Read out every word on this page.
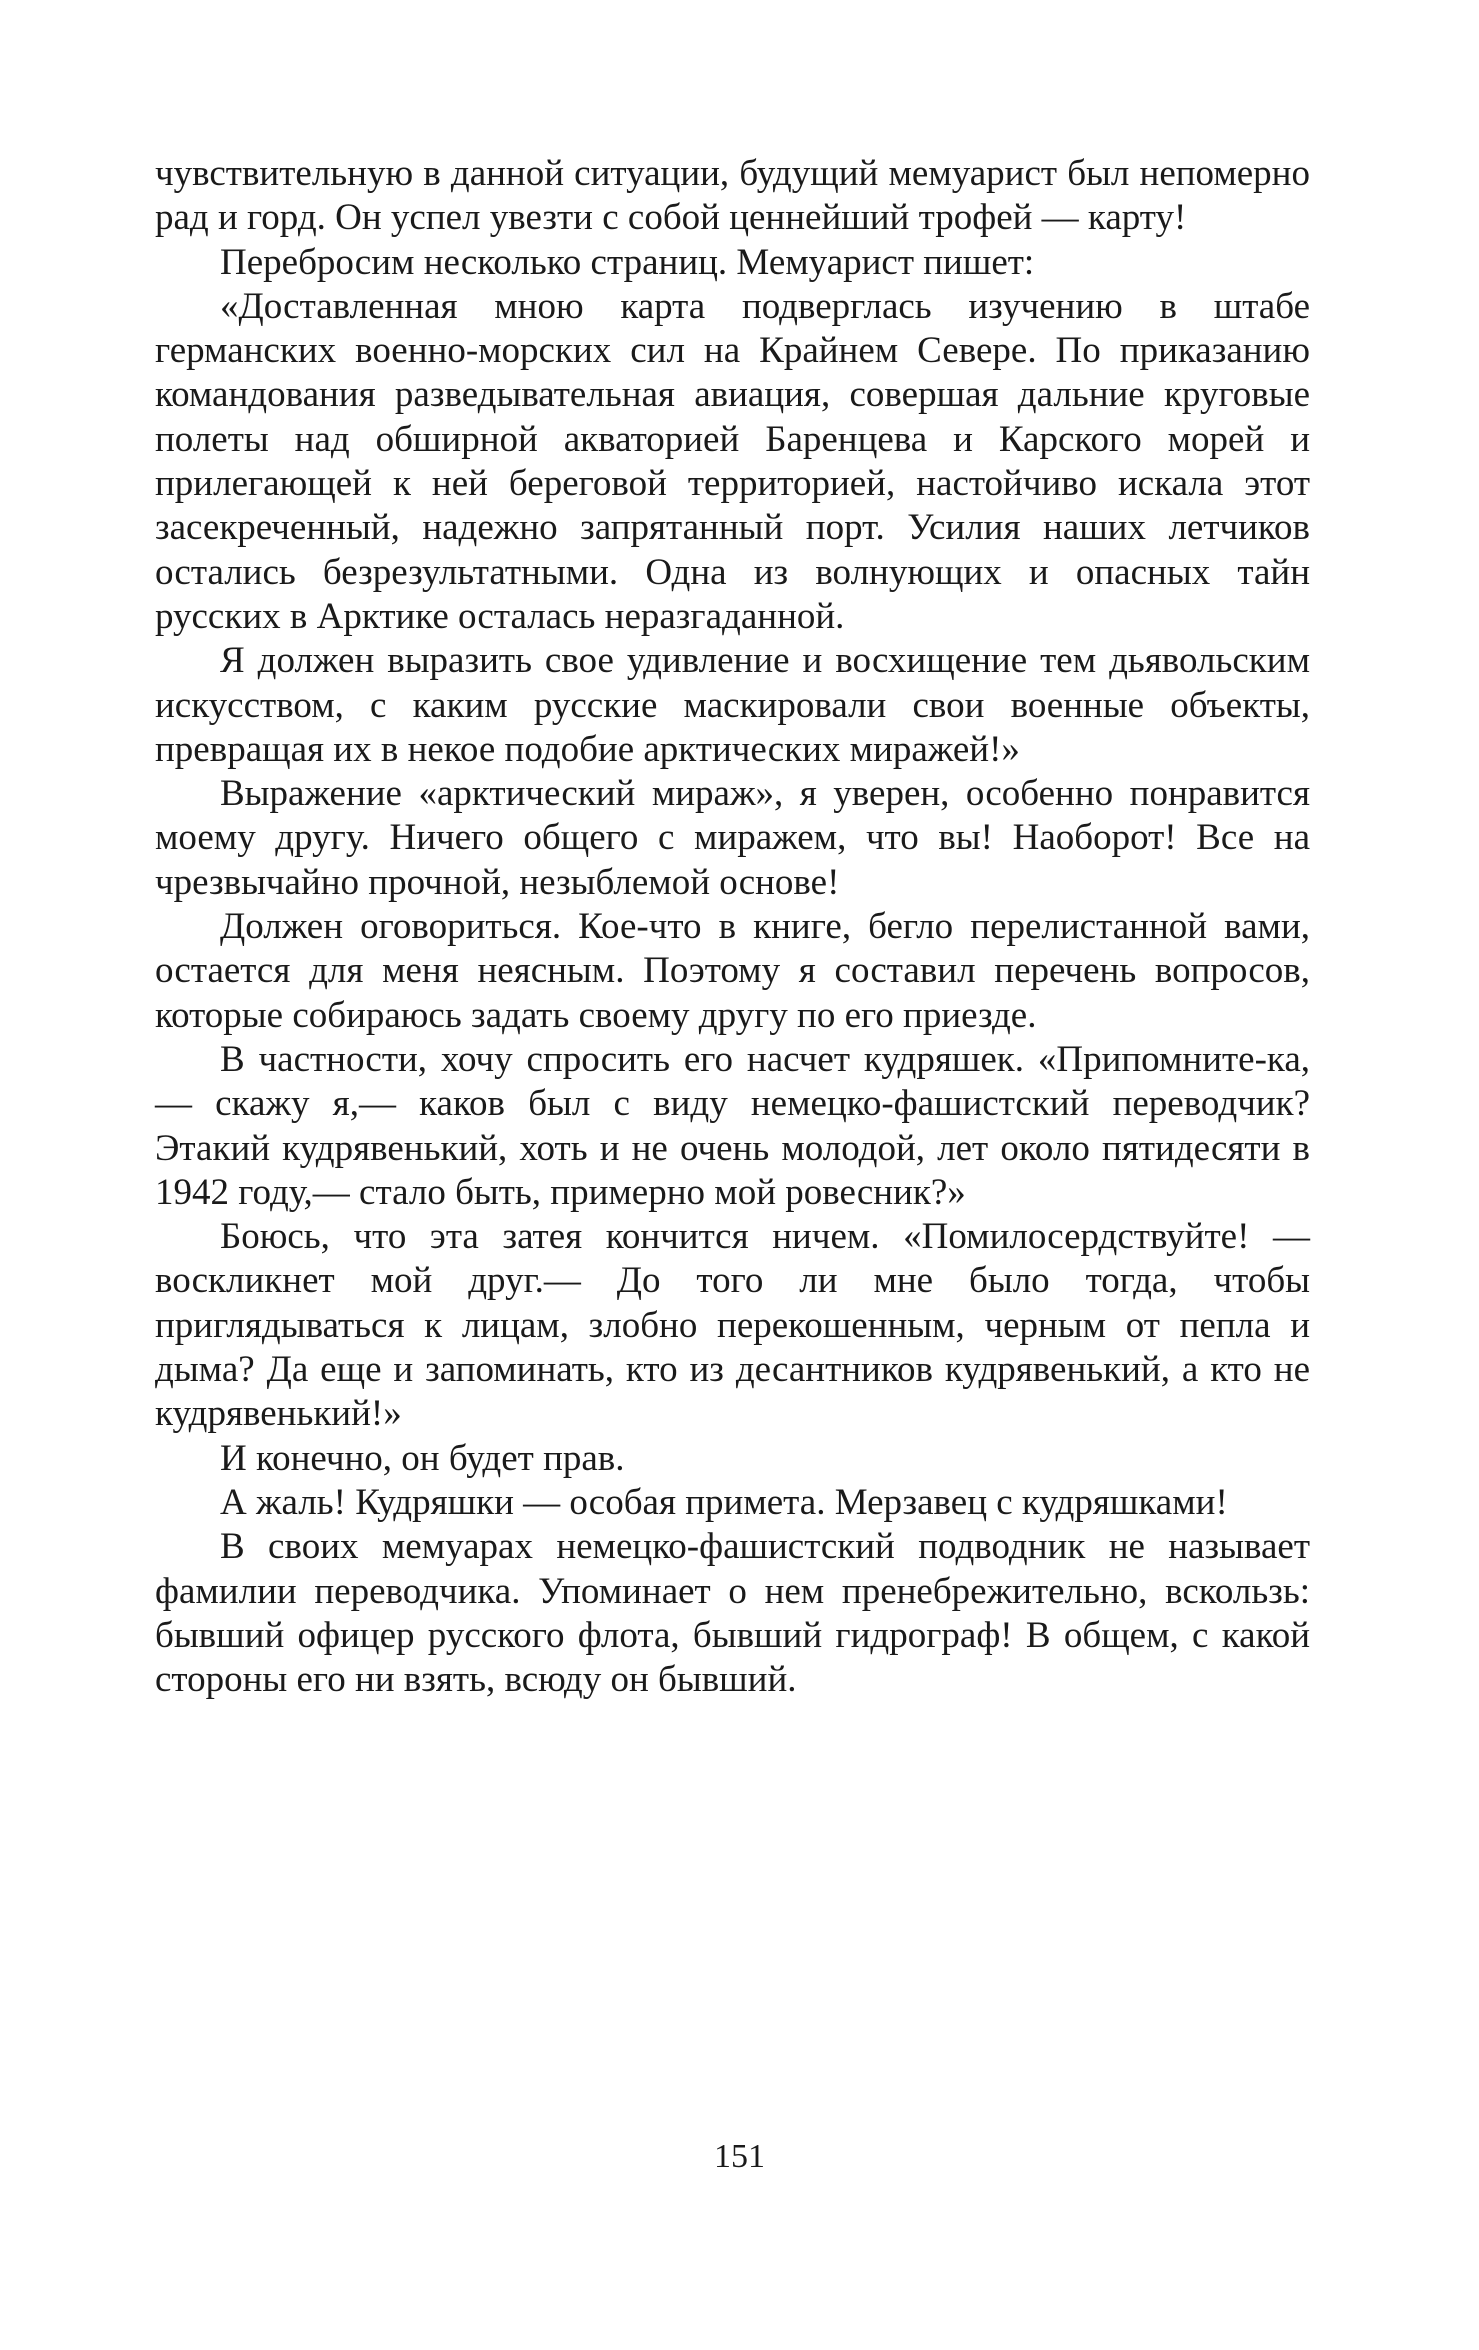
чувствительную в данной ситуации, будущий мемуарист был непомерно рад и горд. Он успел увезти с собой ценнейший трофей — карту!

Перебросим несколько страниц. Мемуарист пишет:

«Доставленная мною карта подверглась изучению в штабе германских военно-морских сил на Крайнем Севере. По приказанию командования разведывательная авиация, совершая дальние круговые полеты над обширной акваторией Баренцева и Карского морей и прилегающей к ней береговой территорией, настойчиво искала этот засекреченный, надежно запрятанный порт. Усилия наших летчиков остались безрезультатными. Одна из волнующих и опасных тайн русских в Арктике осталась неразгаданной.

Я должен выразить свое удивление и восхищение тем дьявольским искусством, с каким русские маскировали свои военные объекты, превращая их в некое подобие арктических миражей!»

Выражение «арктический мираж», я уверен, особенно понравится моему другу. Ничего общего с миражем, что вы! Наоборот! Все на чрезвычайно прочной, незыблемой основе!

Должен оговориться. Кое-что в книге, бегло перелистанной вами, остается для меня неясным. Поэтому я составил перечень вопросов, которые собираюсь задать своему другу по его приезде.

В частности, хочу спросить его насчет кудряшек. «Припомните-ка,— скажу я,— каков был с виду немецко-фашистский переводчик? Этакий кудрявенький, хоть и не очень молодой, лет около пятидесяти в 1942 году,— стало быть, примерно мой ровесник?»

Боюсь, что эта затея кончится ничем. «Помилосердствуйте! — воскликнет мой друг.— До того ли мне было тогда, чтобы приглядываться к лицам, злобно перекошенным, черным от пепла и дыма? Да еще и запоминать, кто из десантников кудрявенький, а кто не кудрявенький!»

И конечно, он будет прав.

А жаль! Кудряшки — особая примета. Мерзавец с кудряшками!

В своих мемуарах немецко-фашистский подводник не называет фамилии переводчика. Упоминает о нем пренебрежительно, вскользь: бывший офицер русского флота, бывший гидрограф! В общем, с какой стороны его ни взять, всюду он бывший.

151
